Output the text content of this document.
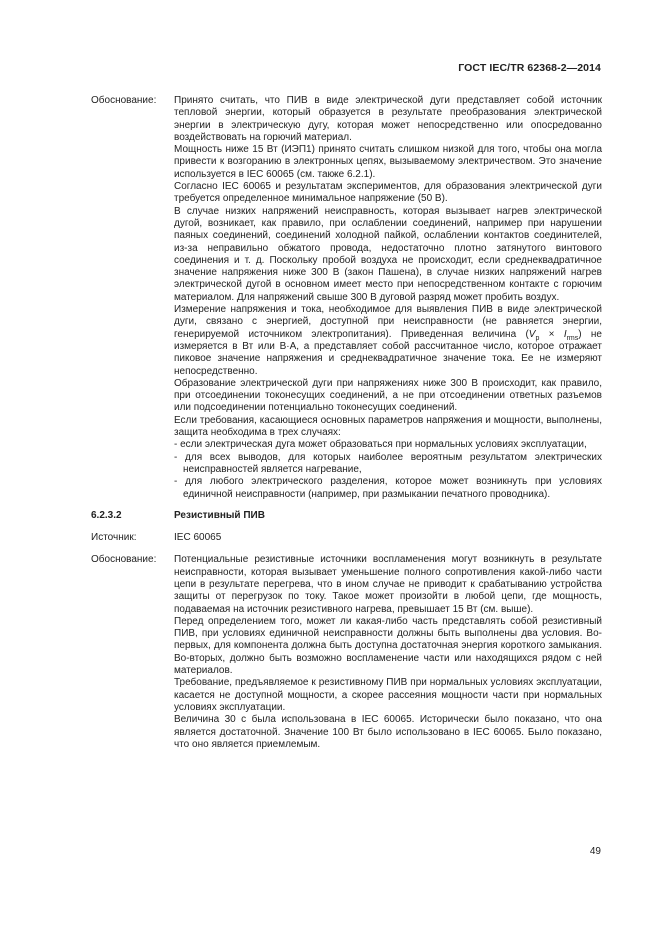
ГОСТ IEC/TR 62368-2—2014
Обоснование:	Принято считать, что ПИВ в виде электрической дуги представляет собой источник тепловой энергии, который образуется в результате преобразования электрической энергии в электрическую дугу, которая может непосредственно или опосредованно воздействовать на горючий материал.

Мощность ниже 15 Вт (ИЭП1) принято считать слишком низкой для того, чтобы она могла привести к возгоранию в электронных цепях, вызываемому электричеством. Это значение используется в IEC 60065 (см. также 6.2.1).

Согласно IEC 60065 и результатам экспериментов, для образования электрической дуги требуется определенное минимальное напряжение (50 В).

В случае низких напряжений неисправность, которая вызывает нагрев электрической дугой, возникает, как правило, при ослаблении соединений, например при нарушении паяных соединений, соединений холодной пайкой, ослаблении контактов соединителей, из-за неправильно обжатого провода, недостаточно плотно затянутого винтового соединения и т. д. Поскольку пробой воздуха не происходит, если среднеквадратичное значение напряжения ниже 300 В (закон Пашена), в случае низких напряжений нагрев электрической дугой в основном имеет место при непосредственном контакте с горючим материалом. Для напряжений свыше 300 В дуговой разряд может пробить воздух.

Измерение напряжения и тока, необходимое для выявления ПИВ в виде электрической дуги, связано с энергией, доступной при неисправности (не равняется энергии, генерируемой источником электропитания). Приведенная величина $(V_p \times I_{rms})$ не измеряется в Вт или В·А, а представляет собой рассчитанное число, которое отражает пиковое значение напряжения и среднеквадратичное значение тока. Ее не измеряют непосредственно.

Образование электрической дуги при напряжениях ниже 300 В происходит, как правило, при отсоединении токонесущих соединений, а не при отсоединении ответных разъемов или подсоединении потенциально токонесущих соединений.

Если требования, касающиеся основных параметров напряжения и мощности, выполнены, защита необходима в трех случаях:

- если электрическая дуга может образоваться при нормальных условиях эксплуатации,

- для всех выводов, для которых наиболее вероятным результатом электрических неисправностей является нагревание,

- для любого электрического разделения, которое может возникнуть при условиях единичной неисправности (например, при размыкании печатного проводника).

6.2.3.2	Резистивный ПИВ
Источник:	IEC 60065
Обоснование:	Потенциальные резистивные источники воспламенения могут возникнуть в результате неисправности, которая вызывает уменьшение полного сопротивления какой-либо части цепи в результате перегрева, что в ином случае не приводит к срабатыванию устройства защиты от перегрузок по току. Такое может произойти в любой цепи, где мощность, подаваемая на источник резистивного нагрева, превышает 15 Вт (см. выше).

Перед определением того, может ли какая-либо часть представлять собой резистивный ПИВ, при условиях единичной неисправности должны быть выполнены два условия. Во-первых, для компонента должна быть доступна достаточная энергия короткого замыкания. Во-вторых, должно быть возможно воспламенение части или находящихся рядом с ней материалов.

Требование, предъявляемое к резистивному ПИВ при нормальных условиях эксплуатации, касается не доступной мощности, а скорее рассеяния мощности части при нормальных условиях эксплуатации.

Величина 30 с была использована в IEC 60065. Исторически было показано, что она является достаточной. Значение 100 Вт было использовано в IEC 60065. Было показано, что оно является приемлемым.

49
